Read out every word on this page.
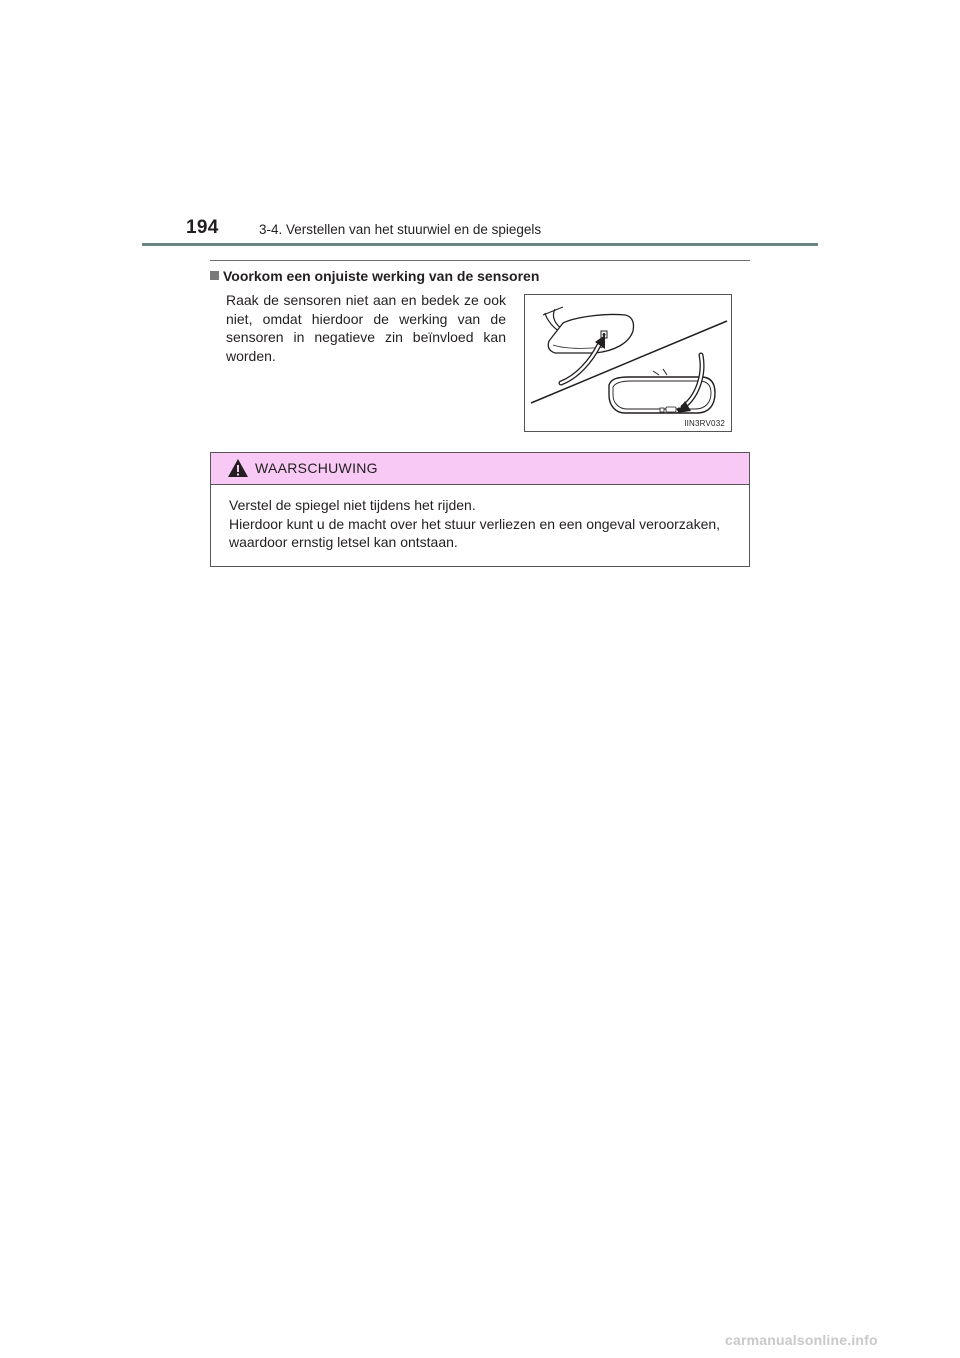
194	3-4. Verstellen van het stuurwiel en de spiegels
Voorkom een onjuiste werking van de sensoren
Raak de sensoren niet aan en bedek ze ook niet, omdat hierdoor de werking van de sensoren in negatieve zin beïnvloed kan worden.
IIN3RV032
WAARSCHUWING

Verstel de spiegel niet tijdens het rijden.

Hierdoor kunt u de macht over het stuur verliezen en een ongeval veroorzaken, waardoor ernstig letsel kan ontstaan.

carmanualsonline.info
